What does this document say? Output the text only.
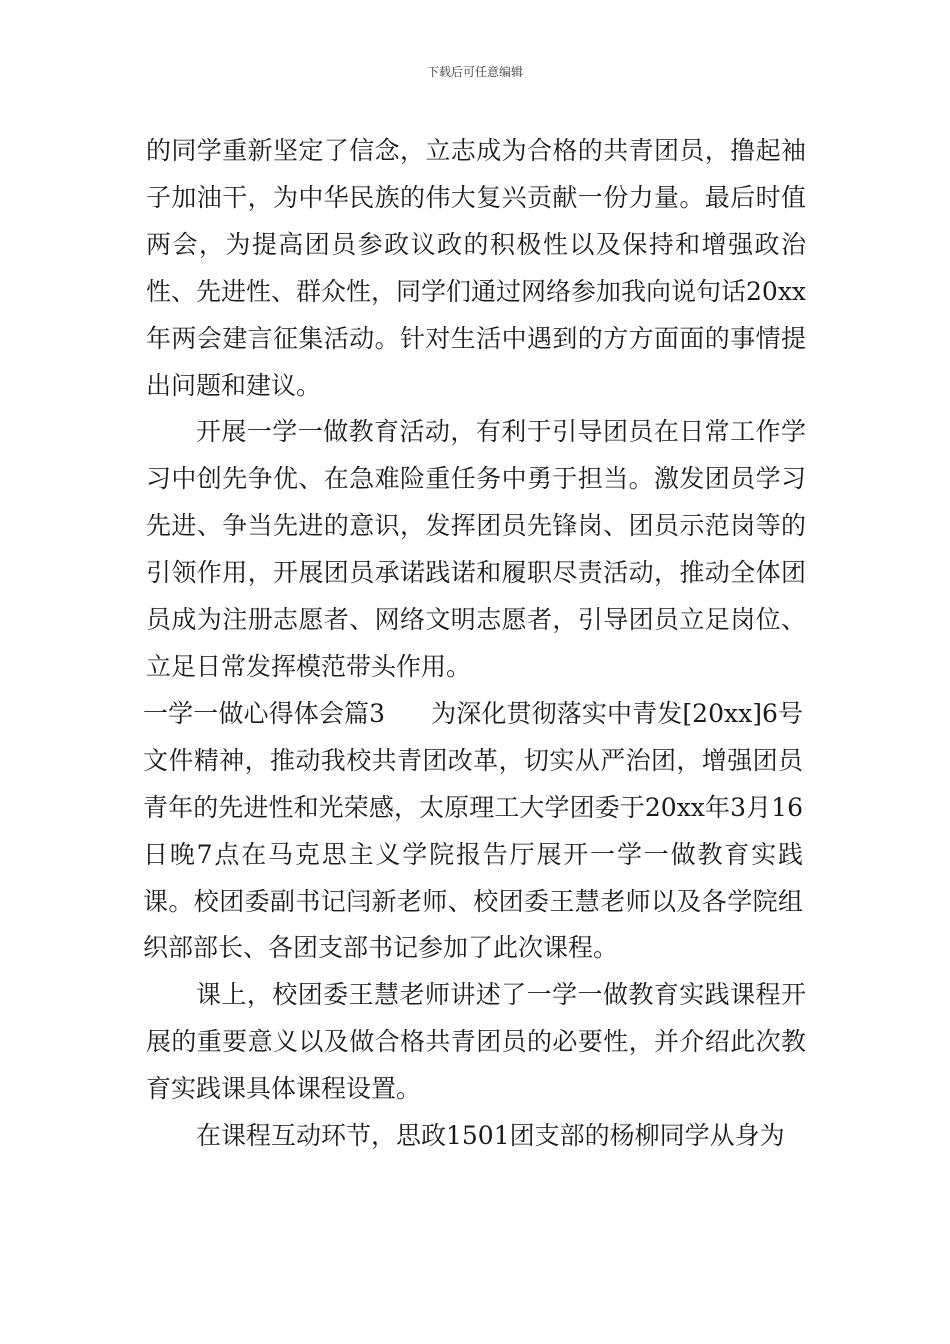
下载后可任意编辑

的同学重新坚定了信念，立志成为合格的共青团员，撸起袖子加油干，为中华民族的伟大复兴贡献一份力量。最后时值两会，为提高团员参政议政的积极性以及保持和增强政治性、先进性、群众性，同学们通过网络参加我向说句话20xx年两会建言征集活动。针对生活中遇到的方方面面的事情提出问题和建议。

开展一学一做教育活动，有利于引导团员在日常工作学习中创先争优、在急难险重任务中勇于担当。激发团员学习先进、争当先进的意识，发挥团员先锋岗、团员示范岗等的引领作用，开展团员承诺践诺和履职尽责活动，推动全体团员成为注册志愿者、网络文明志愿者，引导团员立足岗位、立足日常发挥模范带头作用。

一学一做心得体会篇3 为深化贯彻落实中青发[20xx]6号文件精神，推动我校共青团改革，切实从严治团，增强团员青年的先进性和光荣感，太原理工大学团委于20xx年3月16日晚7点在马克思主义学院报告厅展开一学一做教育实践课。校团委副书记闫新老师、校团委王慧老师以及各学院组织部部长、各团支部书记参加了此次课程。

课上，校团委王慧老师讲述了一学一做教育实践课程开展的重要意义以及做合格共青团员的必要性，并介绍此次教育实践课具体课程设置。

在课程互动环节，思政1501团支部的杨柳同学从身为
